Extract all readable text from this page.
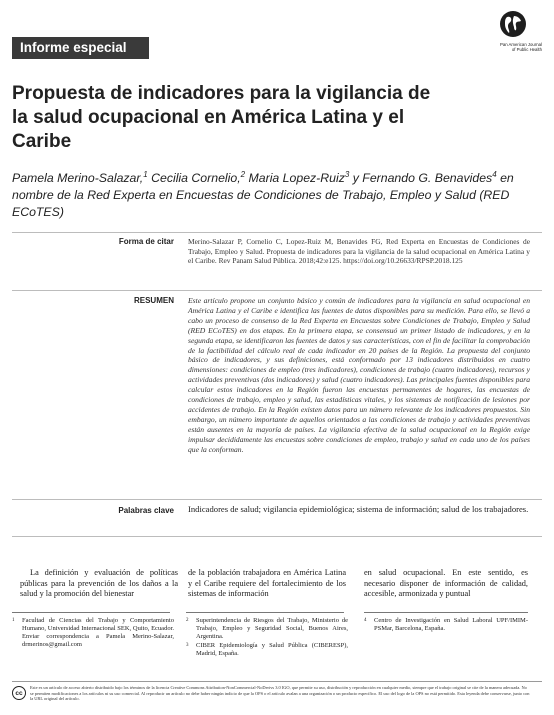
Informe especial	Pan American Journal
of Public Health
Propuesta de indicadores para la vigilancia de la salud ocupacional en América Latina y el Caribe
Pamela Merino-Salazar,$^1$ Cecilia Cornelio,$^2$ Maria Lopez-Ruiz$^3$ y Fernando G. Benavides$^4$ en nombre de la Red Experta en Encuestas de Condiciones de Trabajo, Empleo y Salud (RED ECoTES)
Forma de citar Merino-Salazar P, Cornelio C, Lopez-Ruiz M, Benavides FG, Red Experta en Encuestas de Condiciones de Trabajo, Empleo y Salud. Propuesta de indicadores para la vigilancia de la salud ocupacional en América Latina y el Caribe. Rev Panam Salud Pública. 2018;42:e125. https://doi.org/10.26633/RPSP.2018.125
RESUMEN Este artículo propone un conjunto básico y común de indicadores para la vigilancia en salud ocupacional en América Latina y el Caribe e identifica las fuentes de datos disponibles para su medición. Para ello, se llevó a cabo un proceso de consenso de la Red Experta en Encuestas sobre Condiciones de Trabajo, Empleo y Salud (RED ECoTES) en dos etapas. En la primera etapa, se consensuó un primer listado de indicadores, y en la segunda etapa, se identificaron las fuentes de datos y sus características, con el fin de facilitar la comprobación de la factibilidad del cálculo real de cada indicador en 20 países de la Región. La propuesta del conjunto básico de indicadores, y sus definiciones, está conformado por 13 indicadores distribuidos en cuatro dimensiones: condiciones de empleo (tres indicadores), condiciones de trabajo (cuatro indicadores), recursos y actividades preventivas (dos indicadores) y salud (cuatro indicadores). Las principales fuentes disponibles para calcular estos indicadores en la Región fueron las encuestas permanentes de hogares, las encuestas de condiciones de trabajo, empleo y salud, las estadísticas vitales, y los sistemas de notificación de lesiones por accidentes de trabajo. En la Región existen datos para un número relevante de los indicadores propuestos. Sin embargo, un número importante de aquellos orientados a las condiciones de trabajo y actividades preventivas están ausentes en la mayoría de países. La vigilancia efectiva de la salud ocupacional en la Región exige impulsar decididamente las encuestas sobre condiciones de empleo, trabajo y salud en cada uno de los países que la conforman.
Palabras clave Indicadores de salud; vigilancia epidemiológica; sistema de información; salud de los trabajadores.
La definición y evaluación de políticas públicas para la prevención de los daños a la salud y la promoción del bienestar
de la población trabajadora en América Latina y el Caribe requiere del fortalecimiento de los sistemas de información
en salud ocupacional. En este sentido, es necesario disponer de información de calidad, accesible, armonizada y puntual
1	Facultad de Ciencias del Trabajo y Comportamiento Humano, Universidad Internacional SEK, Quito, Ecuador. Enviar correspondencia a Pamela Merino-Salazar, drmerinos@gmail.com
2	Superintendencia de Riesgos del Trabajo, Ministerio de Trabajo, Empleo y Seguridad Social, Buenos Aires, Argentina.
3	CIBER Epidemiología y Salud Pública (CIBERESP), Madrid, España.
4	Centro de Investigación en Salud Laboral UPF/IMIM-PSMar, Barcelona, España.
cc
Este es un artículo de acceso abierto distribuido bajo los términos de la licencia Creative Commons Attribution-NonCommercial-NoDerivs 3.0 IGO, que permite su uso, distribución y reproducción en cualquier medio, siempre que el trabajo original se cite de la manera adecuada. No se permiten modificaciones a los artículos ni su uso comercial. Al reproducir un artículo no debe haber ningún indicio de que la OPS o el artículo avalan a una organización o un producto específico. El uso del logo de la OPS no está permitido. Esta leyenda debe conservarse, junto con la URL original del artículo.
